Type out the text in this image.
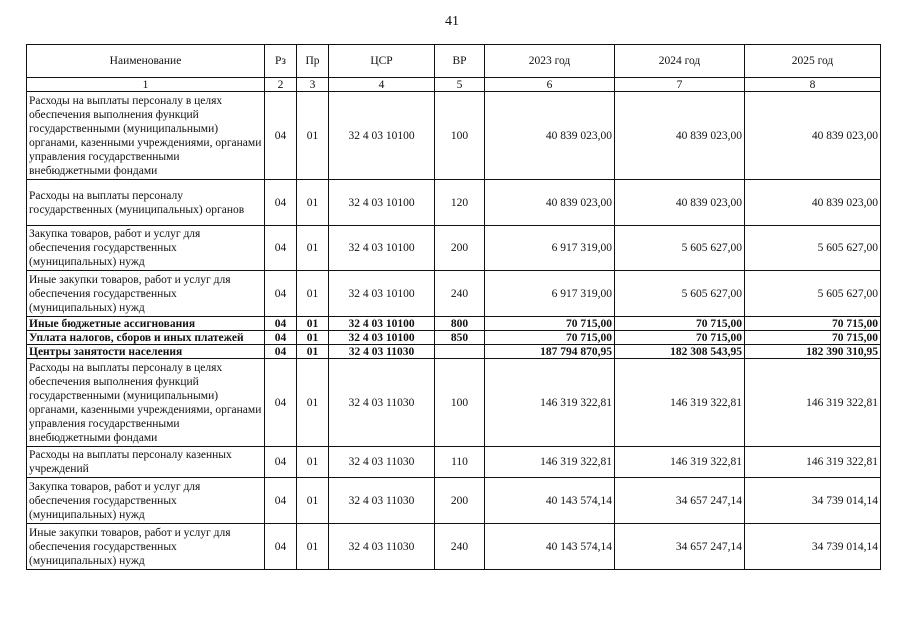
41
Наименование	Рз	Пр	ЦСР	ВР	2023 год	2024 год	2025 год
1	2	3	4	5	6	7	8
Расходы на выплаты персоналу в целях обеспечения выполнения функций государственными (муниципальными) органами, казенными учреждениями, органами управления государственными внебюджетными фондами	04	01	32 4 03 10100	100	40 839 023,00	40 839 023,00	40 839 023,00
Расходы на выплаты персоналу государственных (муниципальных) органов	04	01	32 4 03 10100	120	40 839 023,00	40 839 023,00	40 839 023,00
Закупка товаров, работ и услуг для обеспечения государственных (муниципальных) нужд	04	01	32 4 03 10100	200	6 917 319,00	5 605 627,00	5 605 627,00
Иные закупки товаров, работ и услуг для обеспечения государственных (муниципальных) нужд	04	01	32 4 03 10100	240	6 917 319,00	5 605 627,00	5 605 627,00
Иные бюджетные ассигнования	04	01	32 4 03 10100	800	70 715,00	70 715,00	70 715,00
Уплата налогов, сборов и иных платежей	04	01	32 4 03 10100	850	70 715,00	70 715,00	70 715,00
Центры занятости населения	04	01	32 4 03 11030		187 794 870,95	182 308 543,95	182 390 310,95
Расходы на выплаты персоналу в целях обеспечения выполнения функций государственными (муниципальными) органами, казенными учреждениями, органами управления государственными внебюджетными фондами	04	01	32 4 03 11030	100	146 319 322,81	146 319 322,81	146 319 322,81
Расходы на выплаты персоналу казенных учреждений	04	01	32 4 03 11030	110	146 319 322,81	146 319 322,81	146 319 322,81
Закупка товаров, работ и услуг для обеспечения государственных (муниципальных) нужд	04	01	32 4 03 11030	200	40 143 574,14	34 657 247,14	34 739 014,14
Иные закупки товаров, работ и услуг для обеспечения государственных (муниципальных) нужд	04	01	32 4 03 11030	240	40 143 574,14	34 657 247,14	34 739 014,14
